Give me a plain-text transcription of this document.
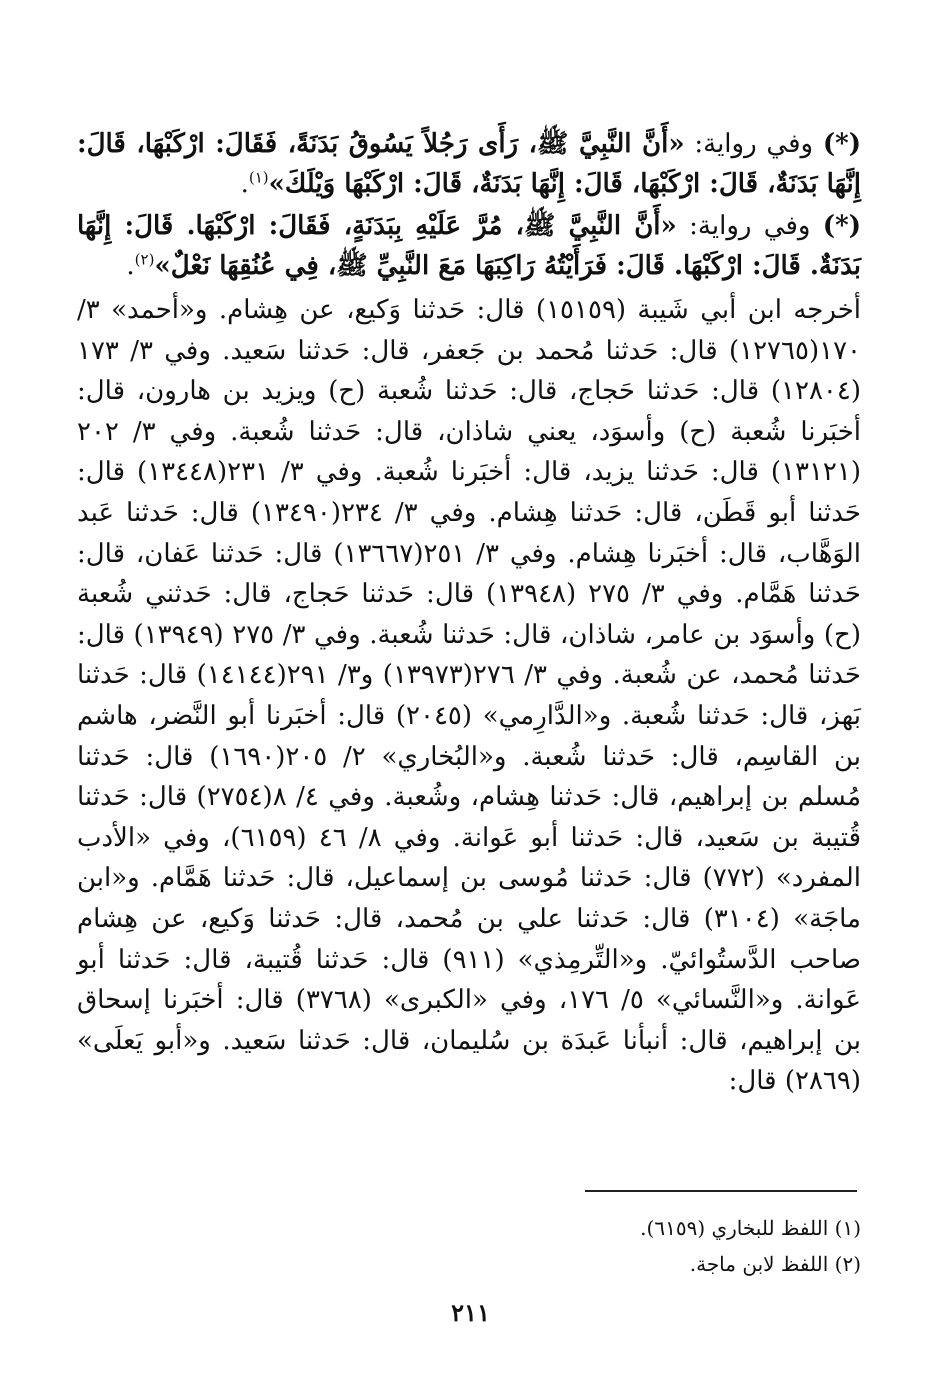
(*) وفي رواية: «أَنَّ النَّبِيَّ ﷺ، رَأَى رَجُلاً يَسُوقُ بَدَنَةً، فَقَالَ: ارْكَبْهَا، قَالَ: إِنَّهَا بَدَنَةٌ، قَالَ: ارْكَبْهَا، قَالَ: إِنَّهَا بَدَنَةٌ، قَالَ: ارْكَبْهَا وَيْلَكَ»$^{(١)}$.

(*) وفي رواية: «أَنَّ النَّبِيَّ ﷺ، مُرَّ عَلَيْهِ بِبَدَنَةٍ، فَقَالَ: ارْكَبْهَا. قَالَ: إِنَّهَا بَدَنَةٌ. قَالَ: ارْكَبْهَا. قَالَ: فَرَأَيْتُهُ رَاكِبَهَا مَعَ النَّبِيِّ ﷺ، فِي عُنُقِهَا نَعْلٌ»$^{(٢)}$.

أخرجه ابن أبي شَيبة (١٥١٥٩) قال: حَدثنا وَكيع، عن هِشام. و«أحمد» ٣/ ١٧٠(١٢٧٦٥) قال: حَدثنا مُحمد بن جَعفر، قال: حَدثنا سَعيد. وفي ٣/ ١٧٣ (١٢٨٠٤) قال: حَدثنا حَجاج، قال: حَدثنا شُعبة (ح) ويزيد بن هارون، قال: أخبَرنا شُعبة (ح) وأسوَد، يعني شاذان، قال: حَدثنا شُعبة. وفي ٣/ ٢٠٢ (١٣١٢١) قال: حَدثنا يزيد، قال: أخبَرنا شُعبة. وفي ٣/ ٢٣١(١٣٤٤٨) قال: حَدثنا أبو قَطَن، قال: حَدثنا هِشام. وفي ٣/ ٢٣٤(١٣٤٩٠) قال: حَدثنا عَبد الوَهَّاب، قال: أخبَرنا هِشام. وفي ٣/ ٢٥١(١٣٦٦٧) قال: حَدثنا عَفان، قال: حَدثنا هَمَّام. وفي ٣/ ٢٧٥ (١٣٩٤٨) قال: حَدثنا حَجاج، قال: حَدثني شُعبة (ح) وأسوَد بن عامر، شاذان، قال: حَدثنا شُعبة. وفي ٣/ ٢٧٥ (١٣٩٤٩) قال: حَدثنا مُحمد، عن شُعبة. وفي ٣/ ٢٧٦(١٣٩٧٣) و٣/ ٢٩١(١٤١٤٤) قال: حَدثنا بَهز، قال: حَدثنا شُعبة. و«الدَّارِمي» (٢٠٤٥) قال: أخبَرنا أبو النَّضر، هاشم بن القاسِم، قال: حَدثنا شُعبة. و«البُخاري» ٢/ ٢٠٥(١٦٩٠) قال: حَدثنا مُسلم بن إبراهيم، قال: حَدثنا هِشام، وشُعبة. وفي ٤/ ٨(٢٧٥٤) قال: حَدثنا قُتيبة بن سَعيد، قال: حَدثنا أبو عَوانة. وفي ٨/ ٤٦ (٦١٥٩)، وفي «الأدب المفرد» (٧٧٢) قال: حَدثنا مُوسى بن إسماعيل، قال: حَدثنا هَمَّام. و«ابن ماجَة» (٣١٠٤) قال: حَدثنا علي بن مُحمد، قال: حَدثنا وَكيع، عن هِشام صاحب الدَّستُوائيّ. و«التِّرمِذي» (٩١١) قال: حَدثنا قُتيبة، قال: حَدثنا أبو عَوانة. و«النَّسائي» ٥/ ١٧٦، وفي «الكبرى» (٣٧٦٨) قال: أخبَرنا إسحاق بن إبراهيم، قال: أنبأنا عَبدَة بن سُليمان، قال: حَدثنا سَعيد. و«أبو يَعلَى» (٢٨٦٩) قال:

(١) اللفظ للبخاري (٦١٥٩).

(٢) اللفظ لابن ماجة.

٢١١
